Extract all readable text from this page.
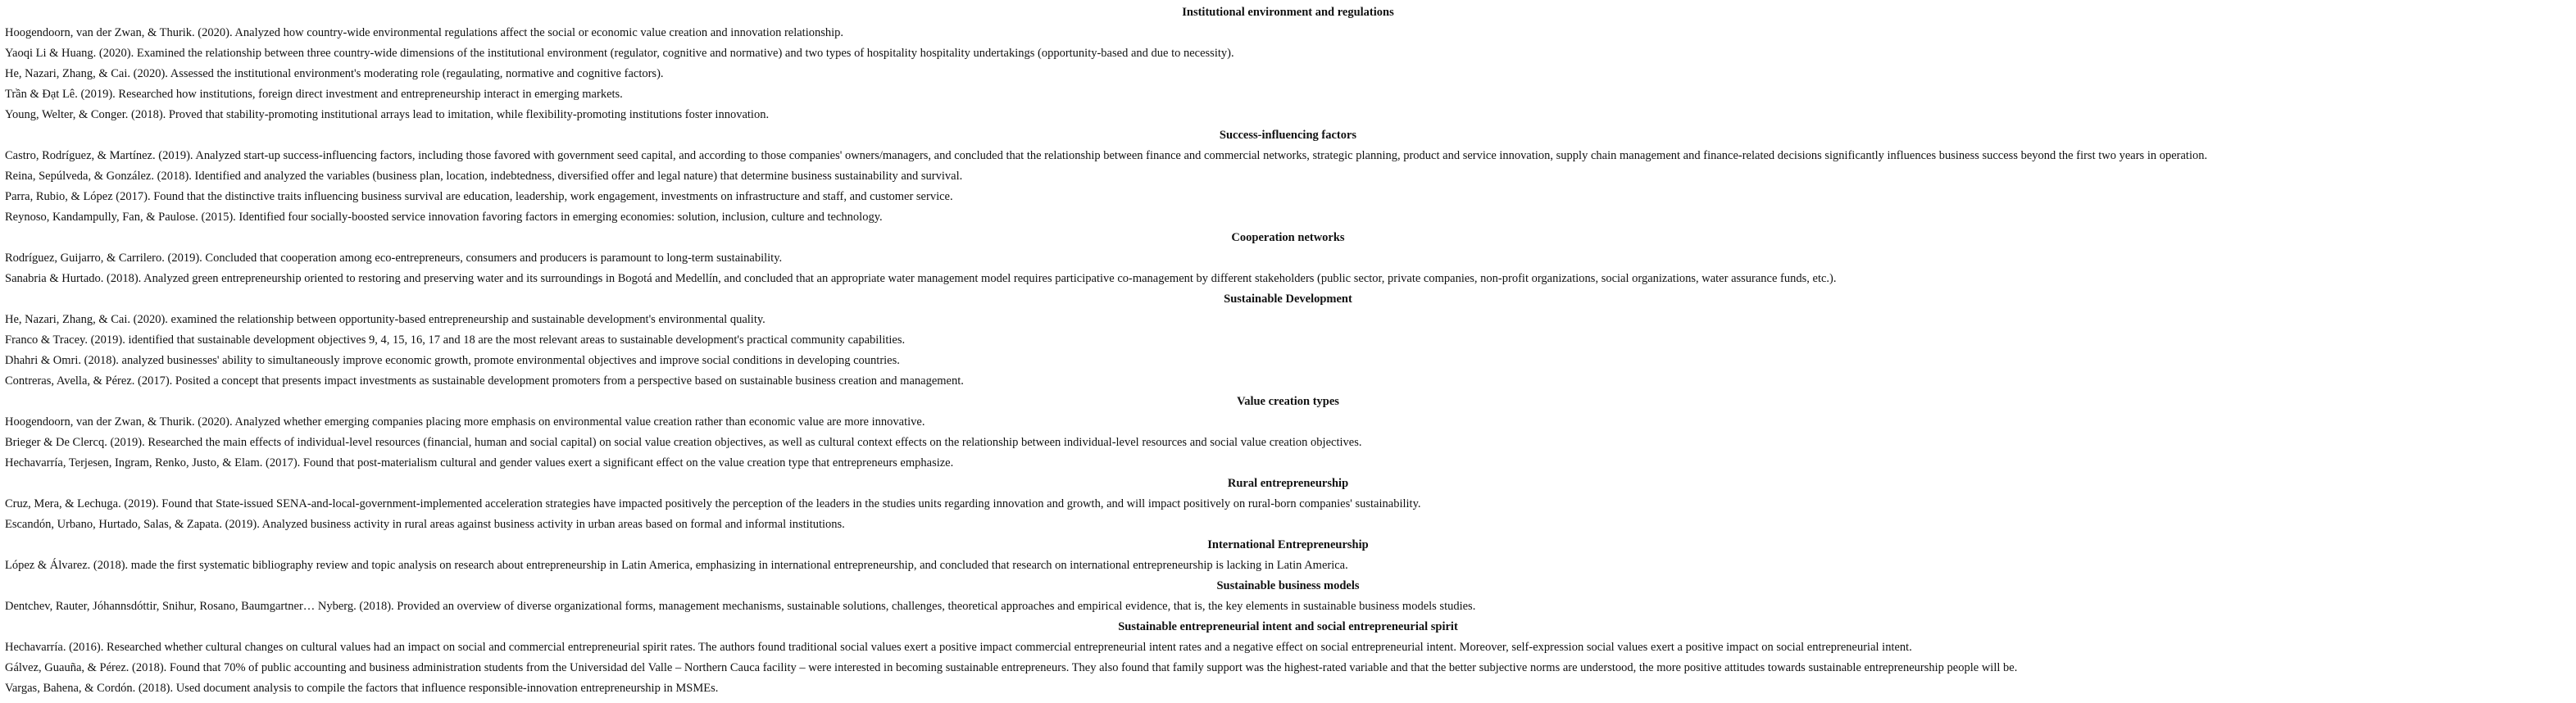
Institutional environment and regulations
Hoogendoorn, van der Zwan, & Thurik. (2020). Analyzed how country-wide environmental regulations affect the social or economic value creation and innovation relationship.
Yaoqi Li & Huang. (2020). Examined the relationship between three country-wide dimensions of the institutional environment (regulator, cognitive and normative) and two types of hospitality hospitality undertakings (opportunity-based and due to necessity).
He, Nazari, Zhang, & Cai. (2020). Assessed the institutional environment's moderating role (regaulating, normative and cognitive factors).
Trần & Đạt Lê. (2019). Researched how institutions, foreign direct investment and entrepreneurship interact in emerging markets.
Young, Welter, & Conger. (2018). Proved that stability-promoting institutional arrays lead to imitation, while flexibility-promoting institutions foster innovation.
Success-influencing factors
Castro, Rodríguez, & Martínez. (2019). Analyzed start-up success-influencing factors, including those favored with government seed capital, and according to those companies' owners/managers, and concluded that the relationship between finance and commercial networks, strategic planning, product and service innovation, supply chain management and finance-related decisions significantly influences business success beyond the first two years in operation.
Reina, Sepúlveda, & González. (2018). Identified and analyzed the variables (business plan, location, indebtedness, diversified offer and legal nature) that determine business sustainability and survival.
Parra, Rubio, & López (2017). Found that the distinctive traits influencing business survival are education, leadership, work engagement, investments on infrastructure and staff, and customer service.
Reynoso, Kandampully, Fan, & Paulose. (2015). Identified four socially-boosted service innovation favoring factors in emerging economies: solution, inclusion, culture and technology.
Cooperation networks
Rodríguez, Guijarro, & Carrilero. (2019). Concluded that cooperation among eco-entrepreneurs, consumers and producers is paramount to long-term sustainability.
Sanabria & Hurtado. (2018). Analyzed green entrepreneurship oriented to restoring and preserving water and its surroundings in Bogotá and Medellín, and concluded that an appropriate water management model requires participative co-management by different stakeholders (public sector, private companies, non-profit organizations, social organizations, water assurance funds, etc.).
Sustainable Development
He, Nazari, Zhang, & Cai. (2020). examined the relationship between opportunity-based entrepreneurship and sustainable development's environmental quality.
Franco & Tracey. (2019). identified that sustainable development objectives 9, 4, 15, 16, 17 and 18 are the most relevant areas to sustainable development's practical community capabilities.
Dhahri & Omri. (2018). analyzed businesses' ability to simultaneously improve economic growth, promote environmental objectives and improve social conditions in developing countries.
Contreras, Avella, & Pérez. (2017). Posited a concept that presents impact investments as sustainable development promoters from a perspective based on sustainable business creation and management.
Value creation types
Hoogendoorn, van der Zwan, & Thurik. (2020). Analyzed whether emerging companies placing more emphasis on environmental value creation rather than economic value are more innovative.
Brieger & De Clercq. (2019). Researched the main effects of individual-level resources (financial, human and social capital) on social value creation objectives, as well as cultural context effects on the relationship between individual-level resources and social value creation objectives.
Hechavarría, Terjesen, Ingram, Renko, Justo, & Elam. (2017). Found that post-materialism cultural and gender values exert a significant effect on the value creation type that entrepreneurs emphasize.
Rural entrepreneurship
Cruz, Mera, & Lechuga. (2019). Found that State-issued SENA-and-local-government-implemented acceleration strategies have impacted positively the perception of the leaders in the studies units regarding innovation and growth, and will impact positively on rural-born companies' sustainability.
Escandón, Urbano, Hurtado, Salas, & Zapata. (2019). Analyzed business activity in rural areas against business activity in urban areas based on formal and informal institutions.
International Entrepreneurship
López & Álvarez. (2018). made the first systematic bibliography review and topic analysis on research about entrepreneurship in Latin America, emphasizing in international entrepreneurship, and concluded that research on international entrepreneurship is lacking in Latin America.
Sustainable business models
Dentchev, Rauter, Jóhannsdóttir, Snihur, Rosano, Baumgartner… Nyberg. (2018). Provided an overview of diverse organizational forms, management mechanisms, sustainable solutions, challenges, theoretical approaches and empirical evidence, that is, the key elements in sustainable business models studies.
Sustainable entrepreneurial intent and social entrepreneurial spirit
Hechavarría. (2016). Researched whether cultural changes on cultural values had an impact on social and commercial entrepreneurial spirit rates. The authors found traditional social values exert a positive impact commercial entrepreneurial intent rates and a negative effect on social entrepreneurial intent. Moreover, self-expression social values exert a positive impact on social entrepreneurial intent.
Gálvez, Guauña, & Pérez. (2018). Found that 70% of public accounting and business administration students from the Universidad del Valle – Northern Cauca facility – were interested in becoming sustainable entrepreneurs. They also found that family support was the highest-rated variable and that the better subjective norms are understood, the more positive attitudes towards sustainable entrepreneurship people will be.
Vargas, Bahena, & Cordón. (2018). Used document analysis to compile the factors that influence responsible-innovation entrepreneurship in MSMEs.
